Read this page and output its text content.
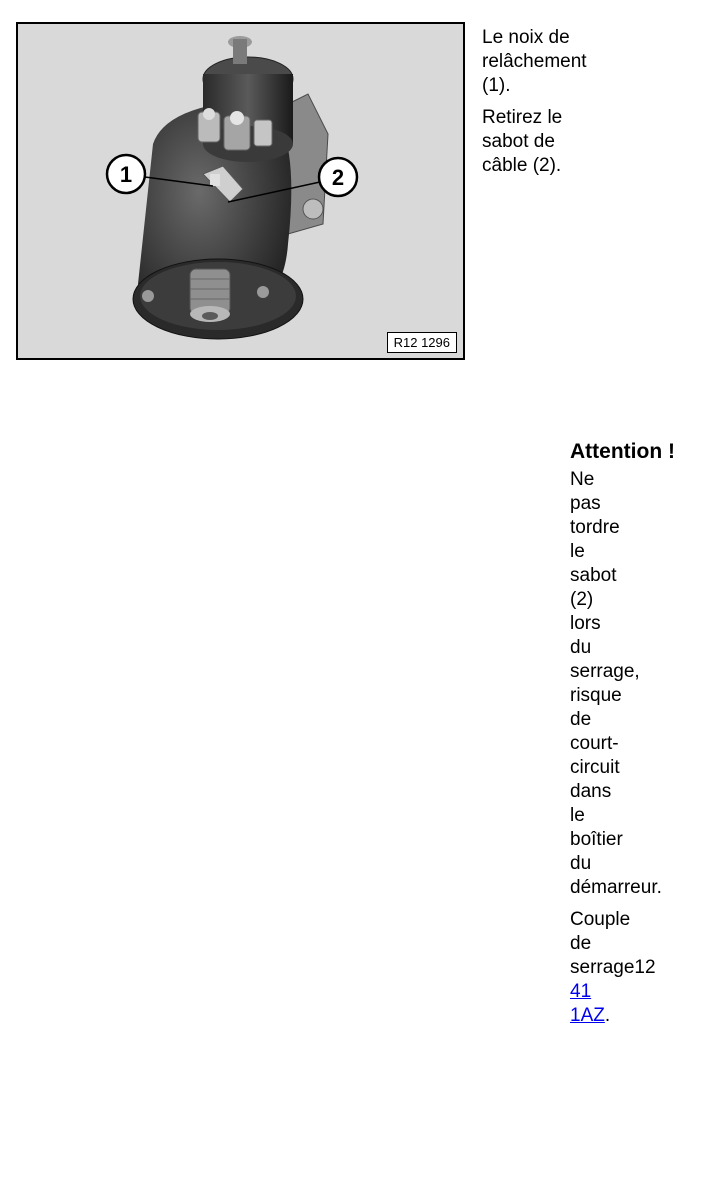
1	2
R12 1296

Le noix de
relâchement
(1).

Retirez le
sabot de
câble (2).

Attention !

Ne
pas
tordre
le
sabot
(2)
lors
du
serrage,
risque
de
court-
circuit
dans
le
boîtier
du
démarreur.

Couple
de
serrage12
41
1AZ.
